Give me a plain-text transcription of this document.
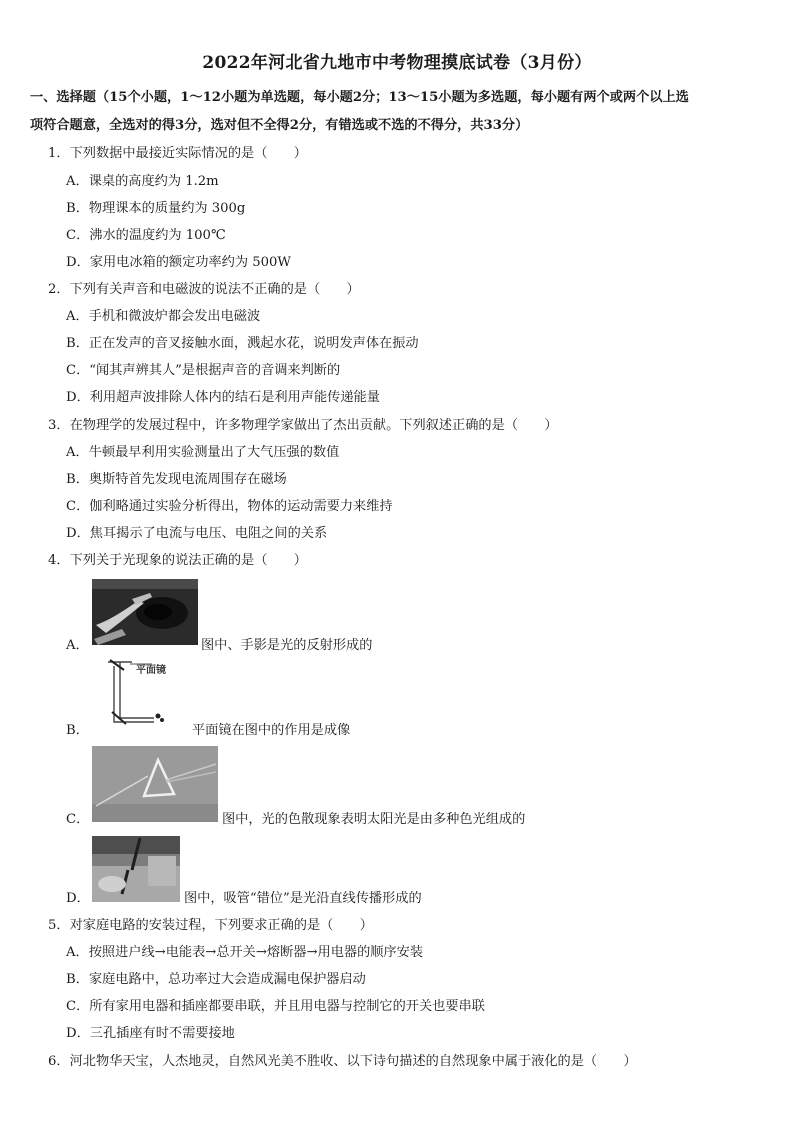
2022年河北省九地市中考物理摸底试卷（3月份）
一、选择题（15个小题，1～12小题为单选题，每小题2分；13～15小题为多选题，每小题有两个或两个以上选
项符合题意，全选对的得3分，选对但不全得2分，有错选或不选的不得分，共33分）
1．下列数据中最接近实际情况的是（　　）
A．课桌的高度约为 1.2m
B．物理课本的质量约为 300g
C．沸水的温度约为 100℃
D．家用电冰箱的额定功率约为 500W
2．下列有关声音和电磁波的说法不正确的是（　　）
A．手机和微波炉都会发出电磁波
B．正在发声的音叉接触水面，溅起水花，说明发声体在振动
C．“闻其声辨其人”是根据声音的音调来判断的
D．利用超声波排除人体内的结石是利用声能传递能量
3．在物理学的发展过程中，许多物理学家做出了杰出贡献。下列叙述正确的是（　　）
A．牛顿最早利用实验测量出了大气压强的数值
B．奥斯特首先发现电流周围存在磁场
C．伽利略通过实验分析得出，物体的运动需要力来维持
D．焦耳揭示了电流与电压、电阻之间的关系
4．下列关于光现象的说法正确的是（　　）
A．	图中、手影是光的反射形成的
平面镜
B．	平面镜在图中的作用是成像
C．	图中，光的色散现象表明太阳光是由多种色光组成的
D．	图中，吸管“错位”是光沿直线传播形成的
5．对家庭电路的安装过程，下列要求正确的是（　　）
A．按照进户线→电能表→总开关→熔断器→用电器的顺序安装
B．家庭电路中，总功率过大会造成漏电保护器启动
C．所有家用电器和插座都要串联，并且用电器与控制它的开关也要串联
D．三孔插座有时不需要接地
6．河北物华天宝，人杰地灵，自然风光美不胜收、以下诗句描述的自然现象中属于液化的是（　　）
